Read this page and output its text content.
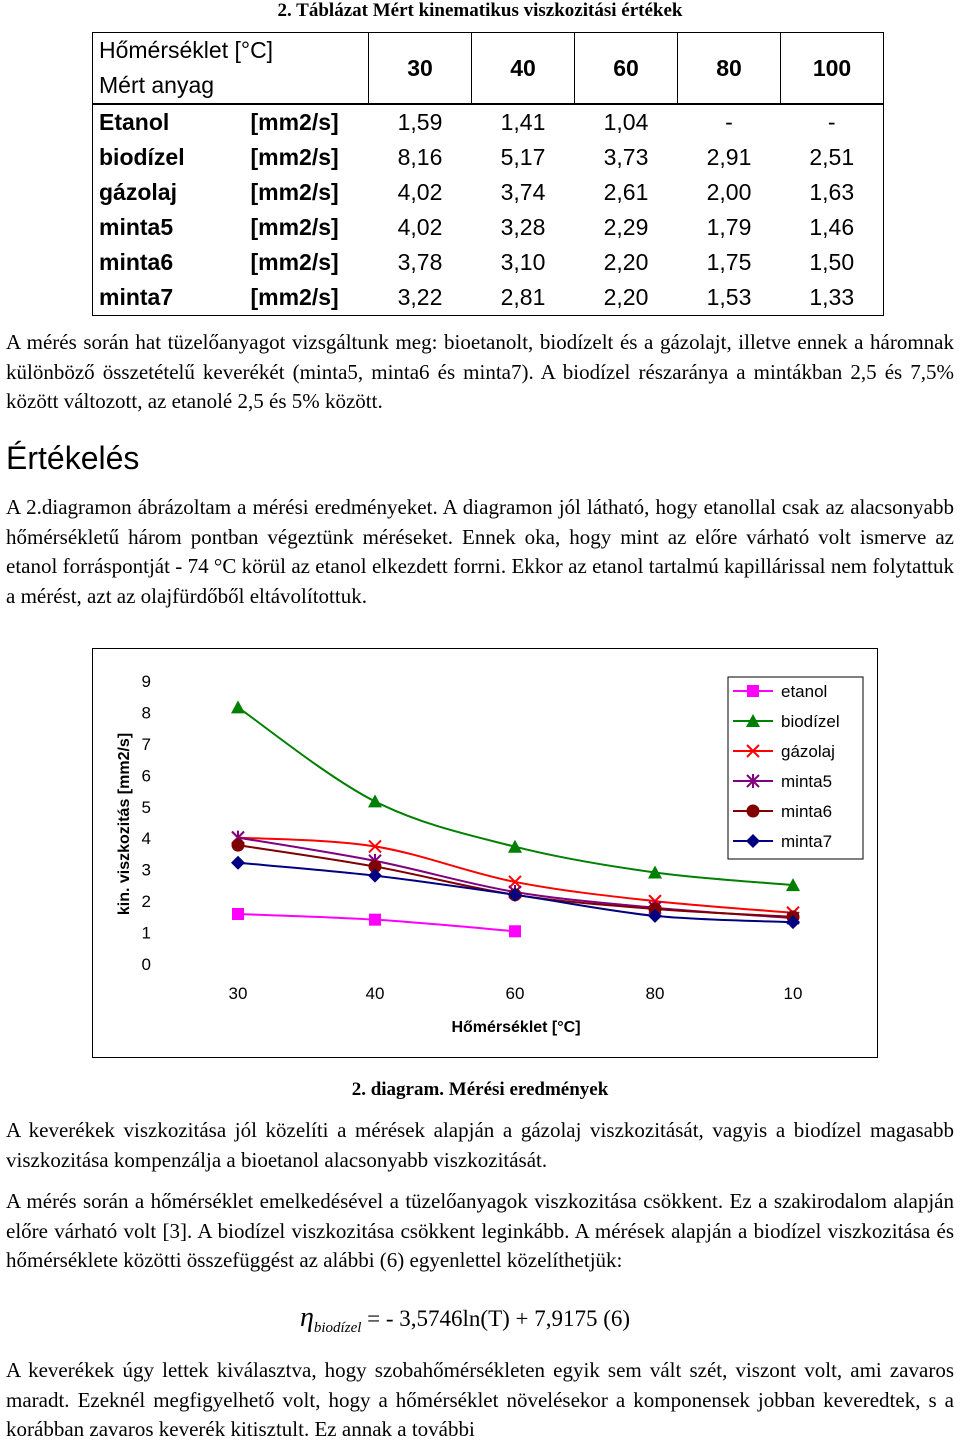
2. Táblázat Mért kinematikus viszkozitási értékek
Hőmérséklet [°C]
Mért anyag		30	40	60	80	100
Etanol	[mm2/s]	1,59	1,41	1,04	-	-
biodízel	[mm2/s]	8,16	5,17	3,73	2,91	2,51
gázolaj	[mm2/s]	4,02	3,74	2,61	2,00	1,63
minta5	[mm2/s]	4,02	3,28	2,29	1,79	1,46
minta6	[mm2/s]	3,78	3,10	2,20	1,75	1,50
minta7	[mm2/s]	3,22	2,81	2,20	1,53	1,33

A mérés során hat tüzelőanyagot vizsgáltunk meg: bioetanolt, biodízelt és a gázolajt, illetve ennek a háromnak különböző összetételű keverékét (minta5, minta6 és minta7). A biodízel részaránya a mintákban 2,5 és 7,5% között változott, az etanolé 2,5 és 5% között.

Értékelés

A 2.diagramon ábrázoltam a mérési eredményeket. A diagramon jól látható, hogy etanollal csak az alacsonyabb hőmérsékletű három pontban végeztünk méréseket. Ennek oka, hogy mint az előre várható volt ismerve az etanol forráspontját - 74 °C körül az etanol elkezdett forrni. Ekkor az etanol tartalmú kapillárissal nem folytattuk a mérést, azt az olajfürdőből eltávolítottuk.

0
1
2
3
4
5
6
7
8
9
30	40	60	80	10
Hőmérséklet [°C]
kin. viszkozitás [mm2/s]
etanol
biodízel
gázolaj
minta5
minta6
minta7
2. diagram. Mérési eredmények

A keverékek viszkozitása jól közelíti a mérések alapján a gázolaj viszkozitását, vagyis a biodízel magasabb viszkozitása kompenzálja a bioetanol alacsonyabb viszkozitását.

A mérés során a hőmérséklet emelkedésével a tüzelőanyagok viszkozitása csökkent. Ez a szakirodalom alapján előre várható volt [3]. A biodízel viszkozitása csökkent leginkább. A mérések alapján a biodízel viszkozitása és hőmérséklete közötti összefüggést az alábbi (6) egyenlettel közelíthetjük:

$\eta_{biodízel}$ = - 3,5746ln(T) + 7,9175 (6)

A keverékek úgy lettek kiválasztva, hogy szobahőmérsékleten egyik sem vált szét, viszont volt, ami zavaros maradt. Ezeknél megfigyelhető volt, hogy a hőmérséklet növelésekor a komponensek jobban keveredtek, s a korábban zavaros keverék kitisztult. Ez annak a további
